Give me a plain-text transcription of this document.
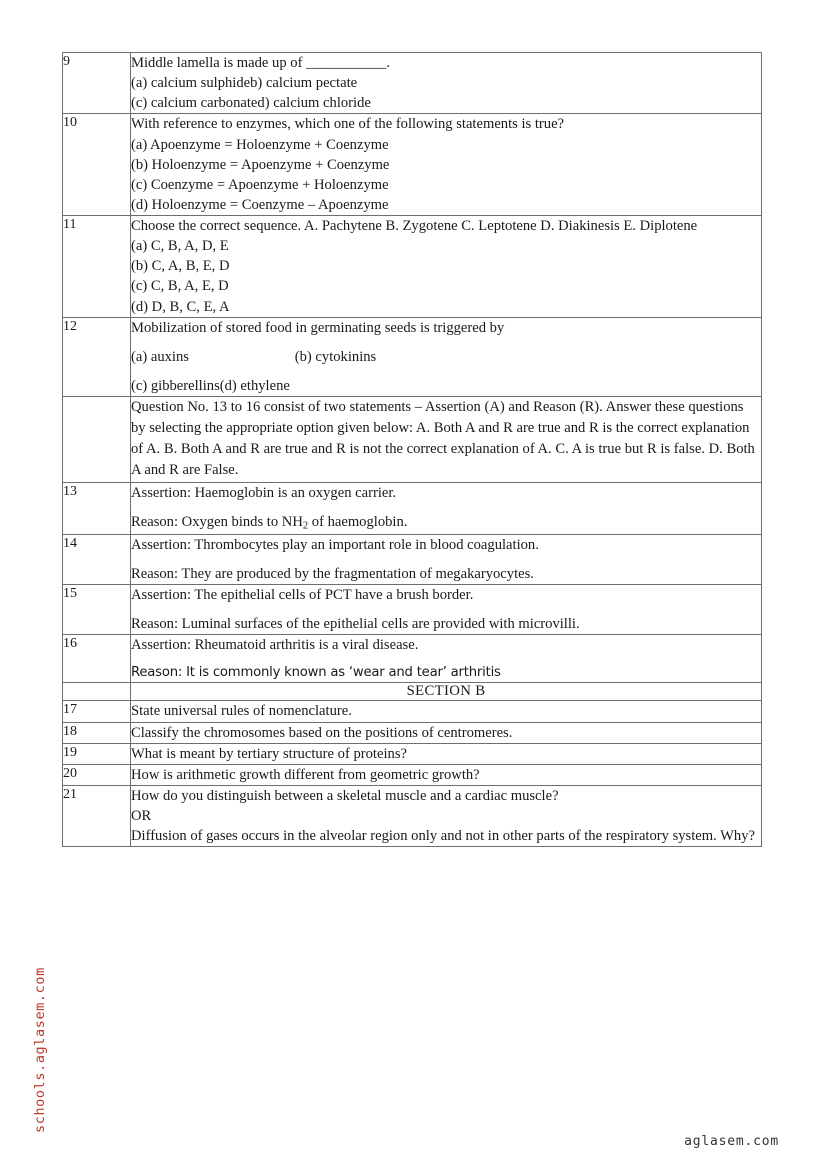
schools.aglasem.com
9	Middle lamella is made up of ___________.
(a) calcium sulphideb) calcium pectate
(c) calcium carbonated) calcium chloride

10	With reference to enzymes, which one of the following statements is true?
(a) Apoenzyme = Holoenzyme + Coenzyme
(b) Holoenzyme = Apoenzyme + Coenzyme
(c) Coenzyme = Apoenzyme + Holoenzyme
(d) Holoenzyme = Coenzyme – Apoenzyme

11	Choose the correct sequence. A. Pachytene B. Zygotene C. Leptotene D. Diakinesis E. Diplotene
(a) C, B, A, D, E
(b) C, A, B, E, D
(c) C, B, A, E, D
(d) D, B, C, E, A

12	Mobilization of stored food in germinating seeds is triggered by
(a) auxins                             (b) cytokinins
(c) gibberellins(d) ethylene

	Question No. 13 to 16 consist of two statements – Assertion (A) and Reason (R). Answer these questions by selecting the appropriate option given below: A. Both A and R are true and R is the correct explanation of A. B. Both A and R are true and R is not the correct explanation of A. C. A is true but R is false. D. Both A and R are False.
13	Assertion: Haemoglobin is an oxygen carrier.
Reason: Oxygen binds to $NH_2$ of haemoglobin.

14	Assertion: Thrombocytes play an important role in blood coagulation.
Reason: They are produced by the fragmentation of megakaryocytes.

15	Assertion: The epithelial cells of PCT have a brush border.
Reason: Luminal surfaces of the epithelial cells are provided with microvilli.

16	Assertion: Rheumatoid arthritis is a viral disease.
Reason: It is commonly known as ‘wear and tear’ arthritis

	SECTION B
17	State universal rules of nomenclature.

18	Classify the chromosomes based on the positions of centromeres.

19	What is meant by tertiary structure of proteins?

20	How is arithmetic growth different from geometric growth?

21	How do you distinguish between a skeletal muscle and a cardiac muscle?
OR
Diffusion of gases occurs in the alveolar region only and not in other parts of the respiratory system. Why?
aglasem.com
